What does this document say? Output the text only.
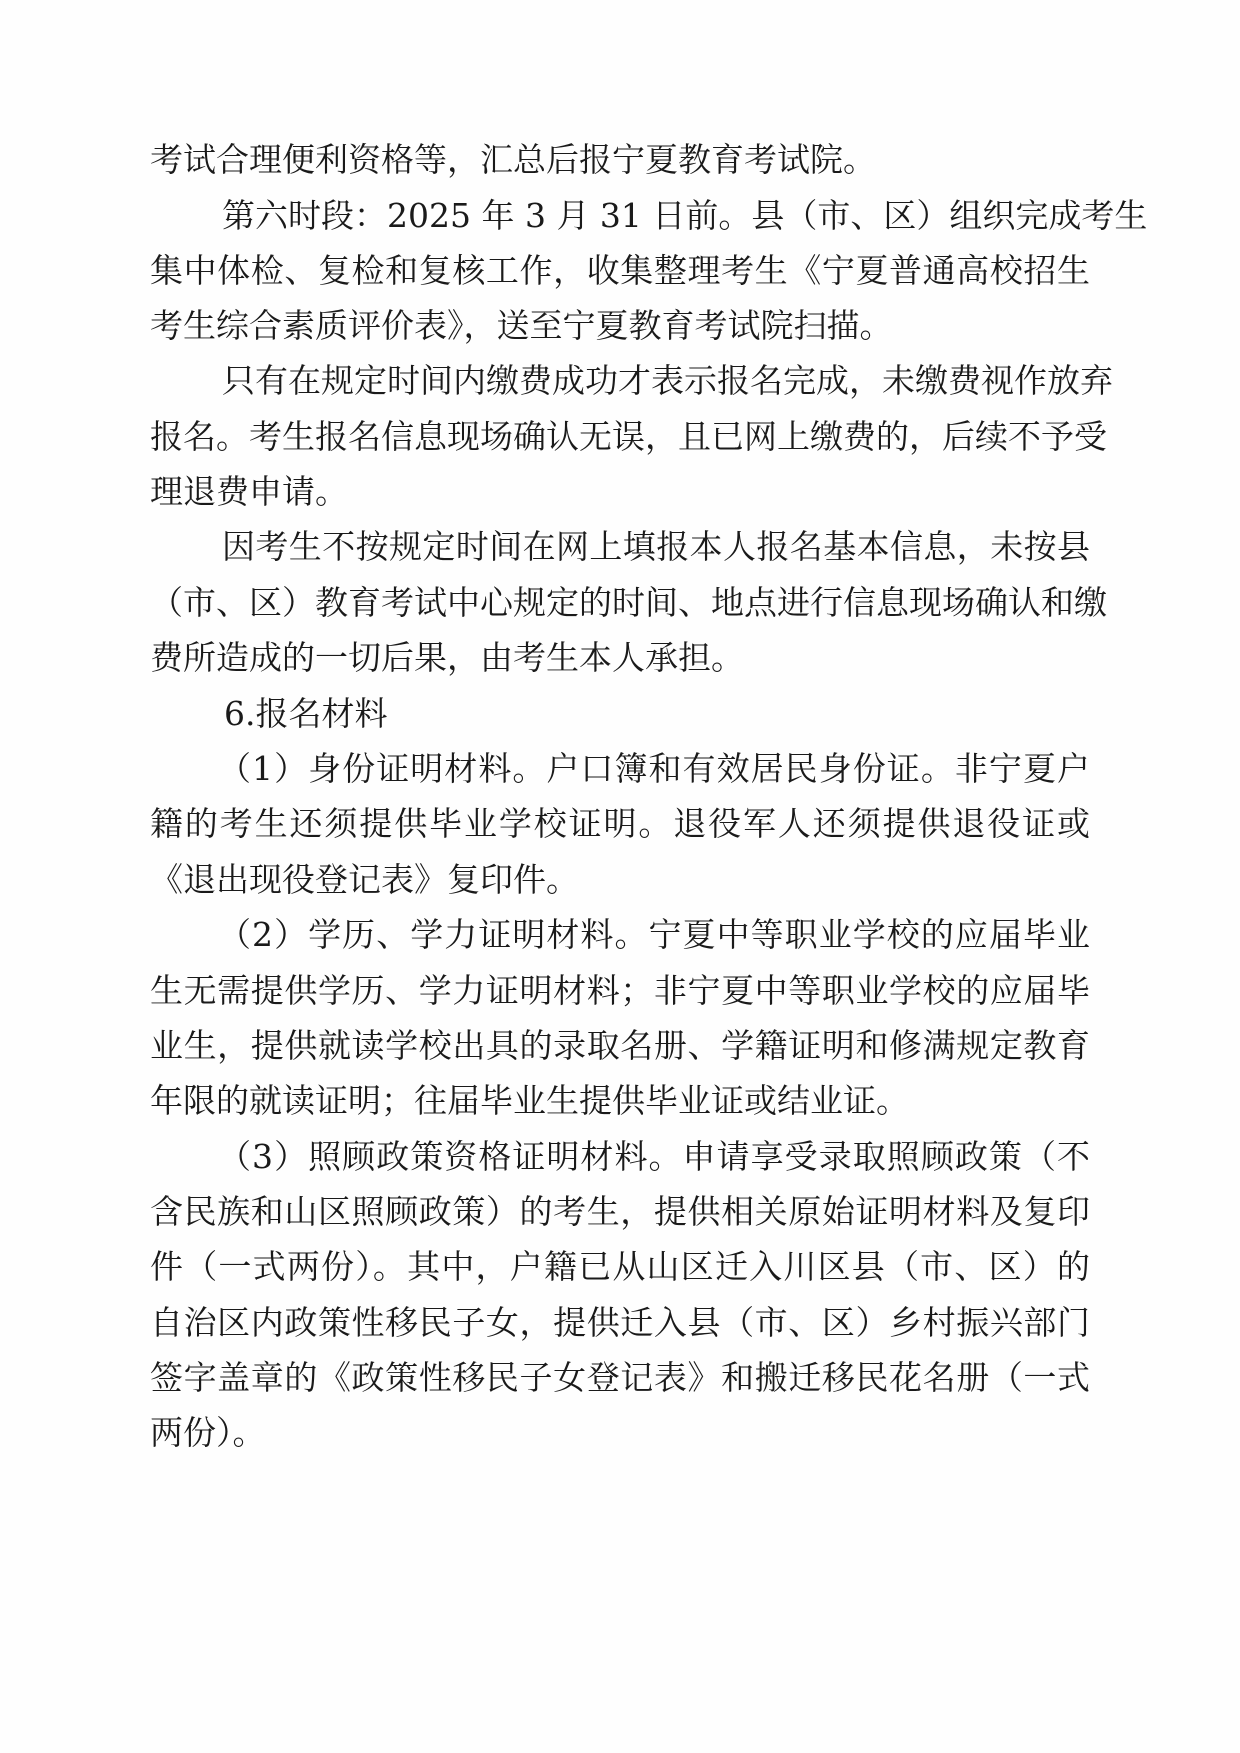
考试合理便利资格等，汇总后报宁夏教育考试院。
第六时段：2025 年 3 月 31 日前。县（市、区）组织完成考生
集中体检、复检和复核工作，收集整理考生《宁夏普通高校招生
考生综合素质评价表》，送至宁夏教育考试院扫描。
只有在规定时间内缴费成功才表示报名完成，未缴费视作放弃
报名。考生报名信息现场确认无误，且已网上缴费的，后续不予受
理退费申请。
因考生不按规定时间在网上填报本人报名基本信息，未按县
（市、区）教育考试中心规定的时间、地点进行信息现场确认和缴
费所造成的一切后果，由考生本人承担。
6.报名材料
（1）身份证明材料。户口簿和有效居民身份证。非宁夏户
籍的考生还须提供毕业学校证明。退役军人还须提供退役证或
《退出现役登记表》复印件。
（2）学历、学力证明材料。宁夏中等职业学校的应届毕业
生无需提供学历、学力证明材料；非宁夏中等职业学校的应届毕
业生，提供就读学校出具的录取名册、学籍证明和修满规定教育
年限的就读证明；往届毕业生提供毕业证或结业证。
（3）照顾政策资格证明材料。申请享受录取照顾政策（不
含民族和山区照顾政策）的考生，提供相关原始证明材料及复印
件（一式两份）。其中，户籍已从山区迁入川区县（市、区）的
自治区内政策性移民子女，提供迁入县（市、区）乡村振兴部门
签字盖章的《政策性移民子女登记表》和搬迁移民花名册（一式
两份）。
